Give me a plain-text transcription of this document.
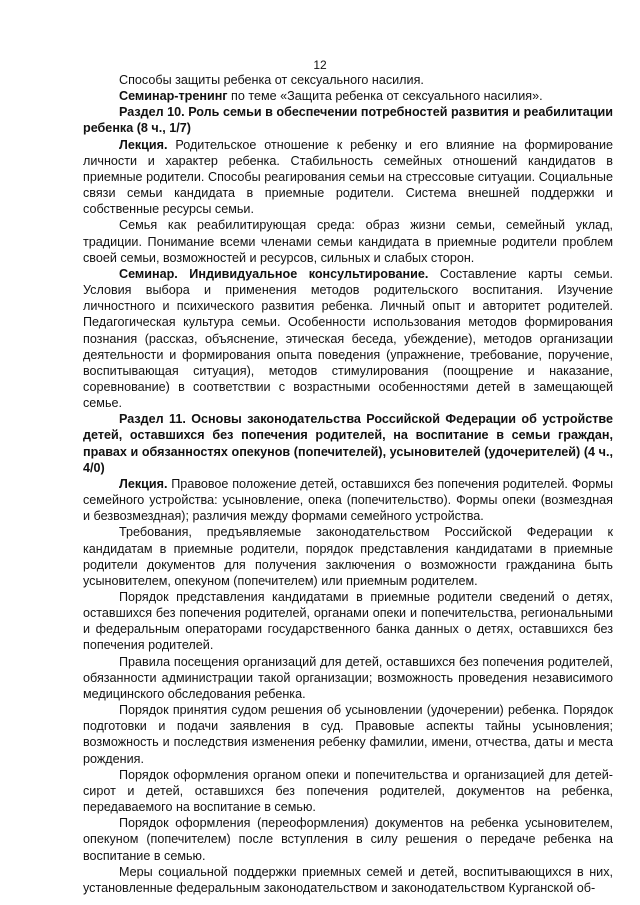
12

Способы защиты ребенка от сексуального насилия.

Семинар-тренинг по теме «Защита ребенка от сексуального насилия».

Раздел 10. Роль семьи в обеспечении потребностей развития и реабилитации ребенка (8 ч., 1/7)

Лекция. Родительское отношение к ребенку и его влияние на формирование личности и характер ребенка. Стабильность семейных отношений кандидатов в приемные родители. Способы реагирования семьи на стрессовые ситуации. Социальные связи семьи кандидата в приемные родители. Система внешней поддержки и собственные ресурсы семьи.

Семья как реабилитирующая среда: образ жизни семьи, семейный уклад, традиции. Понимание всеми членами семьи кандидата в приемные родители проблем своей семьи, возможностей и ресурсов, сильных и слабых сторон.

Семинар. Индивидуальное консультирование. Составление карты семьи. Условия выбора и применения методов родительского воспитания. Изучение личностного и психического развития ребенка. Личный опыт и авторитет родителей. Педагогическая культура семьи. Особенности использования методов формирования познания (рассказ, объяснение, этическая беседа, убеждение), методов организации деятельности и формирования опыта поведения (упражнение, требование, поручение, воспитывающая ситуация), методов стимулирования (поощрение и наказание, соревнование) в соответствии с возрастными особенностями детей в замещающей семье.

Раздел 11. Основы законодательства Российской Федерации об устройстве детей, оставшихся без попечения родителей, на воспитание в семьи граждан, правах и обязанностях опекунов (попечителей), усыновителей (удочерителей) (4 ч., 4/0)

Лекция. Правовое положение детей, оставшихся без попечения родителей. Формы семейного устройства: усыновление, опека (попечительство). Формы опеки (возмездная и безвозмездная); различия между формами семейного устройства.

Требования, предъявляемые законодательством Российской Федерации к кандидатам в приемные родители, порядок представления кандидатами в приемные родители документов для получения заключения о возможности гражданина быть усыновителем, опекуном (попечителем) или приемным родителем.

Порядок представления кандидатами в приемные родители сведений о детях, оставшихся без попечения родителей, органами опеки и попечительства, региональными и федеральным операторами государственного банка данных о детях, оставшихся без попечения родителей.

Правила посещения организаций для детей, оставшихся без попечения родителей, обязанности администрации такой организации; возможность проведения независимого медицинского обследования ребенка.

Порядок принятия судом решения об усыновлении (удочерении) ребенка. Порядок подготовки и подачи заявления в суд. Правовые аспекты тайны усыновления; возможность и последствия изменения ребенку фамилии, имени, отчества, даты и места рождения.

Порядок оформления органом опеки и попечительства и организацией для детей-сирот и детей, оставшихся без попечения родителей, документов на ребенка, передаваемого на воспитание в семью.

Порядок оформления (переоформления) документов на ребенка усыновителем, опекуном (попечителем) после вступления в силу решения о передаче ребенка на воспитание в семью.

Меры социальной поддержки приемных семей и детей, воспитывающихся в них, установленные федеральным законодательством и законодательством Курганской об-
